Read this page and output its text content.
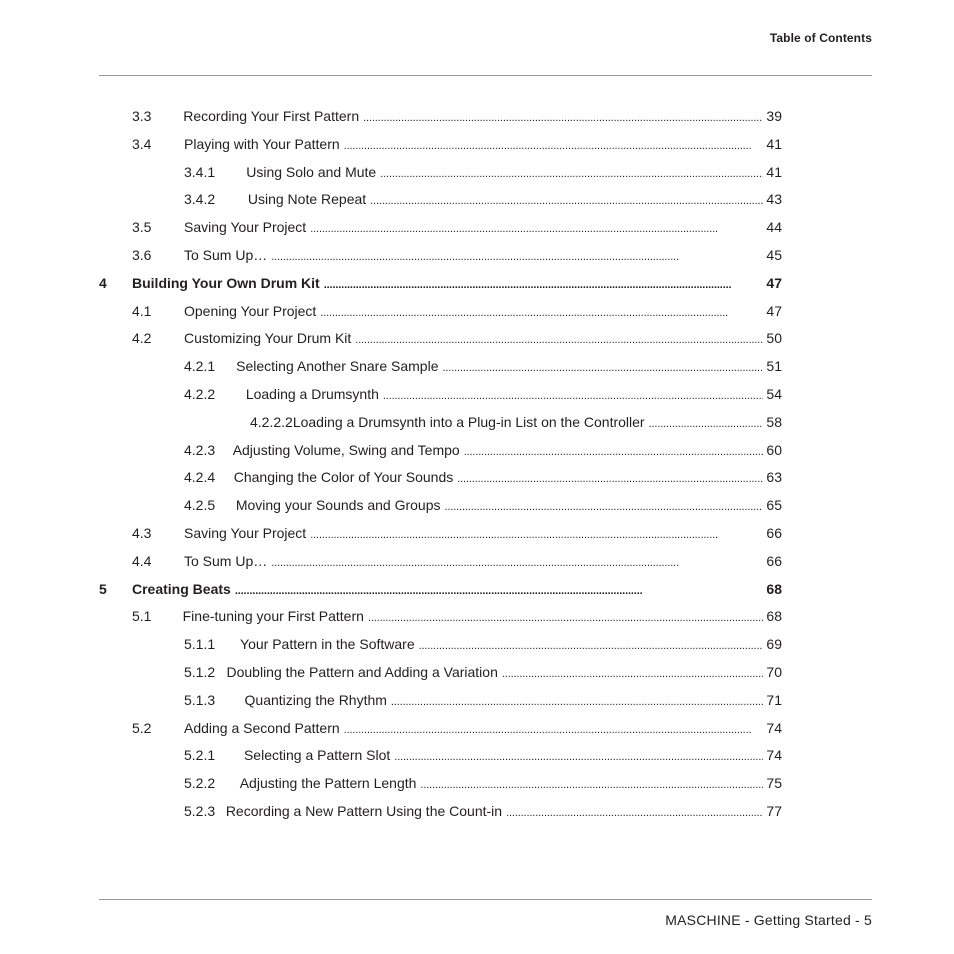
Table of Contents
3.3	Recording Your First Pattern . . .	39
3.4	Playing with Your Pattern . . .	41
3.4.1	Using Solo and Mute . . .	41
3.4.2	Using Note Repeat . . .	43
3.5	Saving Your Project . . .	44
3.6	To Sum Up… . . .	45
4	Building Your Own Drum Kit . . .	47
4.1	Opening Your Project . . .	47
4.2	Customizing Your Drum Kit . . .	50
4.2.1	Selecting Another Snare Sample . . .	51
4.2.2	Loading a Drumsynth . . .	54
4.2.2.2 Loading a Drumsynth into a Plug-in List on the Controller . . .	58
4.2.3	Adjusting Volume, Swing and Tempo . . .	60
4.2.4	Changing the Color of Your Sounds . . .	63
4.2.5	Moving your Sounds and Groups . . .	65
4.3	Saving Your Project . . .	66
4.4	To Sum Up… . . .	66
5	Creating Beats . . .	68
5.1	Fine-tuning your First Pattern . . .	68
5.1.1	Your Pattern in the Software . . .	69
5.1.2 Doubling the Pattern and Adding a Variation . . .	70
5.1.3	Quantizing the Rhythm . . .	71
5.2	Adding a Second Pattern . . .	74
5.2.1	Selecting a Pattern Slot . . .	74
5.2.2	Adjusting the Pattern Length . . .	75
5.2.3 Recording a New Pattern Using the Count-in . . .	77
MASCHINE - Getting Started - 5
